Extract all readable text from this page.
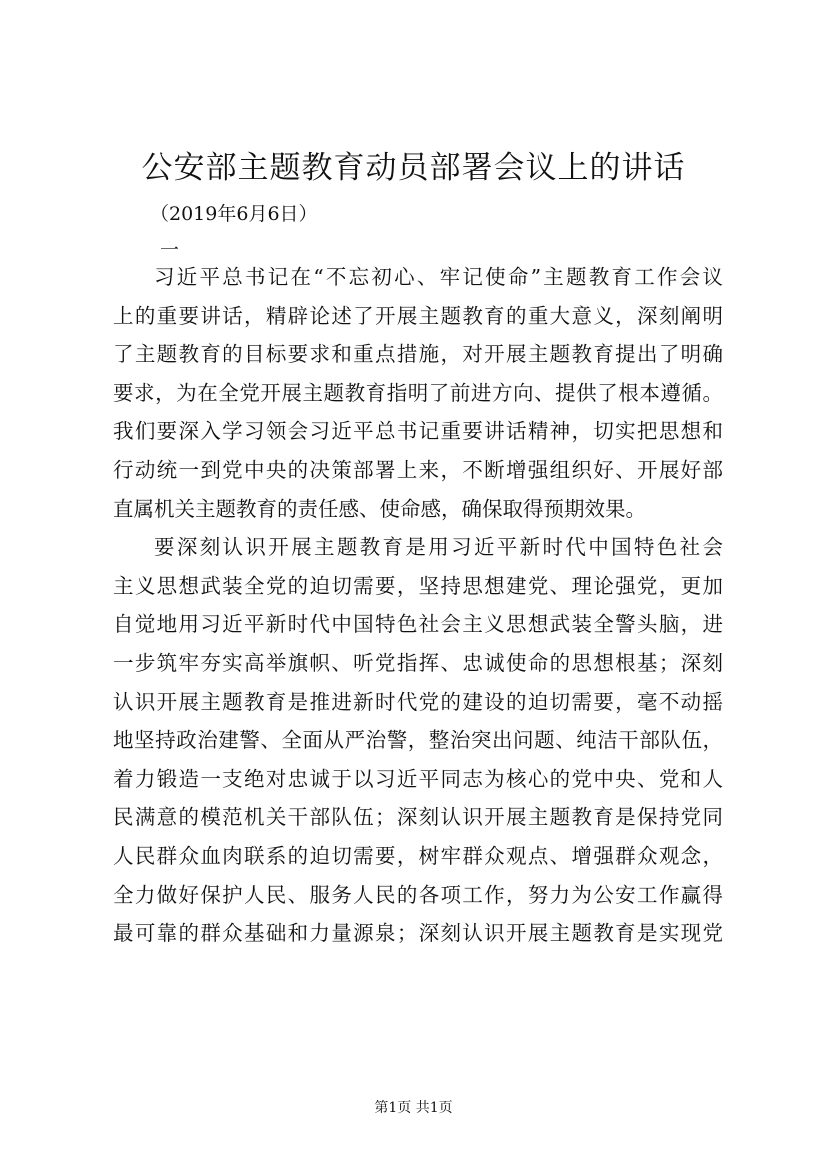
公安部主题教育动员部署会议上的讲话
（2019年6月6日）
一
习近平总书记在“不忘初心、牢记使命”主题教育工作会议
上的重要讲话，精辟论述了开展主题教育的重大意义，深刻阐明
了主题教育的目标要求和重点措施，对开展主题教育提出了明确
要求，为在全党开展主题教育指明了前进方向、提供了根本遵循。
我们要深入学习领会习近平总书记重要讲话精神，切实把思想和
行动统一到党中央的决策部署上来，不断增强组织好、开展好部
直属机关主题教育的责任感、使命感，确保取得预期效果。
要深刻认识开展主题教育是用习近平新时代中国特色社会
主义思想武装全党的迫切需要，坚持思想建党、理论强党，更加
自觉地用习近平新时代中国特色社会主义思想武装全警头脑，进
一步筑牢夯实高举旗帜、听党指挥、忠诚使命的思想根基；深刻
认识开展主题教育是推进新时代党的建设的迫切需要，毫不动摇
地坚持政治建警、全面从严治警，整治突出问题、纯洁干部队伍，
着力锻造一支绝对忠诚于以习近平同志为核心的党中央、党和人
民满意的模范机关干部队伍；深刻认识开展主题教育是保持党同
人民群众血肉联系的迫切需要，树牢群众观点、增强群众观念，
全力做好保护人民、服务人民的各项工作，努力为公安工作赢得
最可靠的群众基础和力量源泉；深刻认识开展主题教育是实现党
第1页 共1页
